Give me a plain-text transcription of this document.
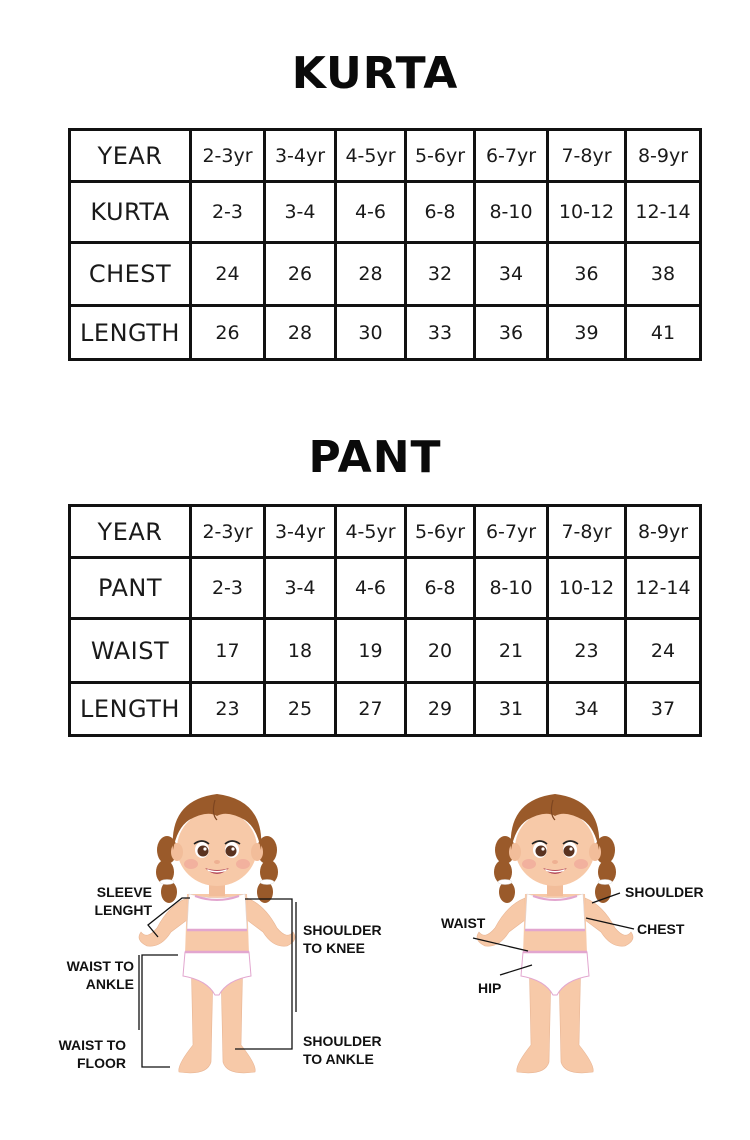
KURTA
YEAR	2-3yr	3-4yr	4-5yr	5-6yr	6-7yr	7-8yr	8-9yr
KURTA	2-3	3-4	4-6	6-8	8-10	10-12	12-14
CHEST	24	26	28	32	34	36	38
LENGTH	26	28	30	33	36	39	41
PANT
YEAR	2-3yr	3-4yr	4-5yr	5-6yr	6-7yr	7-8yr	8-9yr
PANT	2-3	3-4	4-6	6-8	8-10	10-12	12-14
WAIST	17	18	19	20	21	23	24
LENGTH	23	25	27	29	31	34	37
SLEEVE
LENGHT
WAIST TO
ANKLE
WAIST TO
FLOOR
SHOULDER
TO KNEE
SHOULDER
TO ANKLE
SHOULDER
CHEST
WAIST
HIP
